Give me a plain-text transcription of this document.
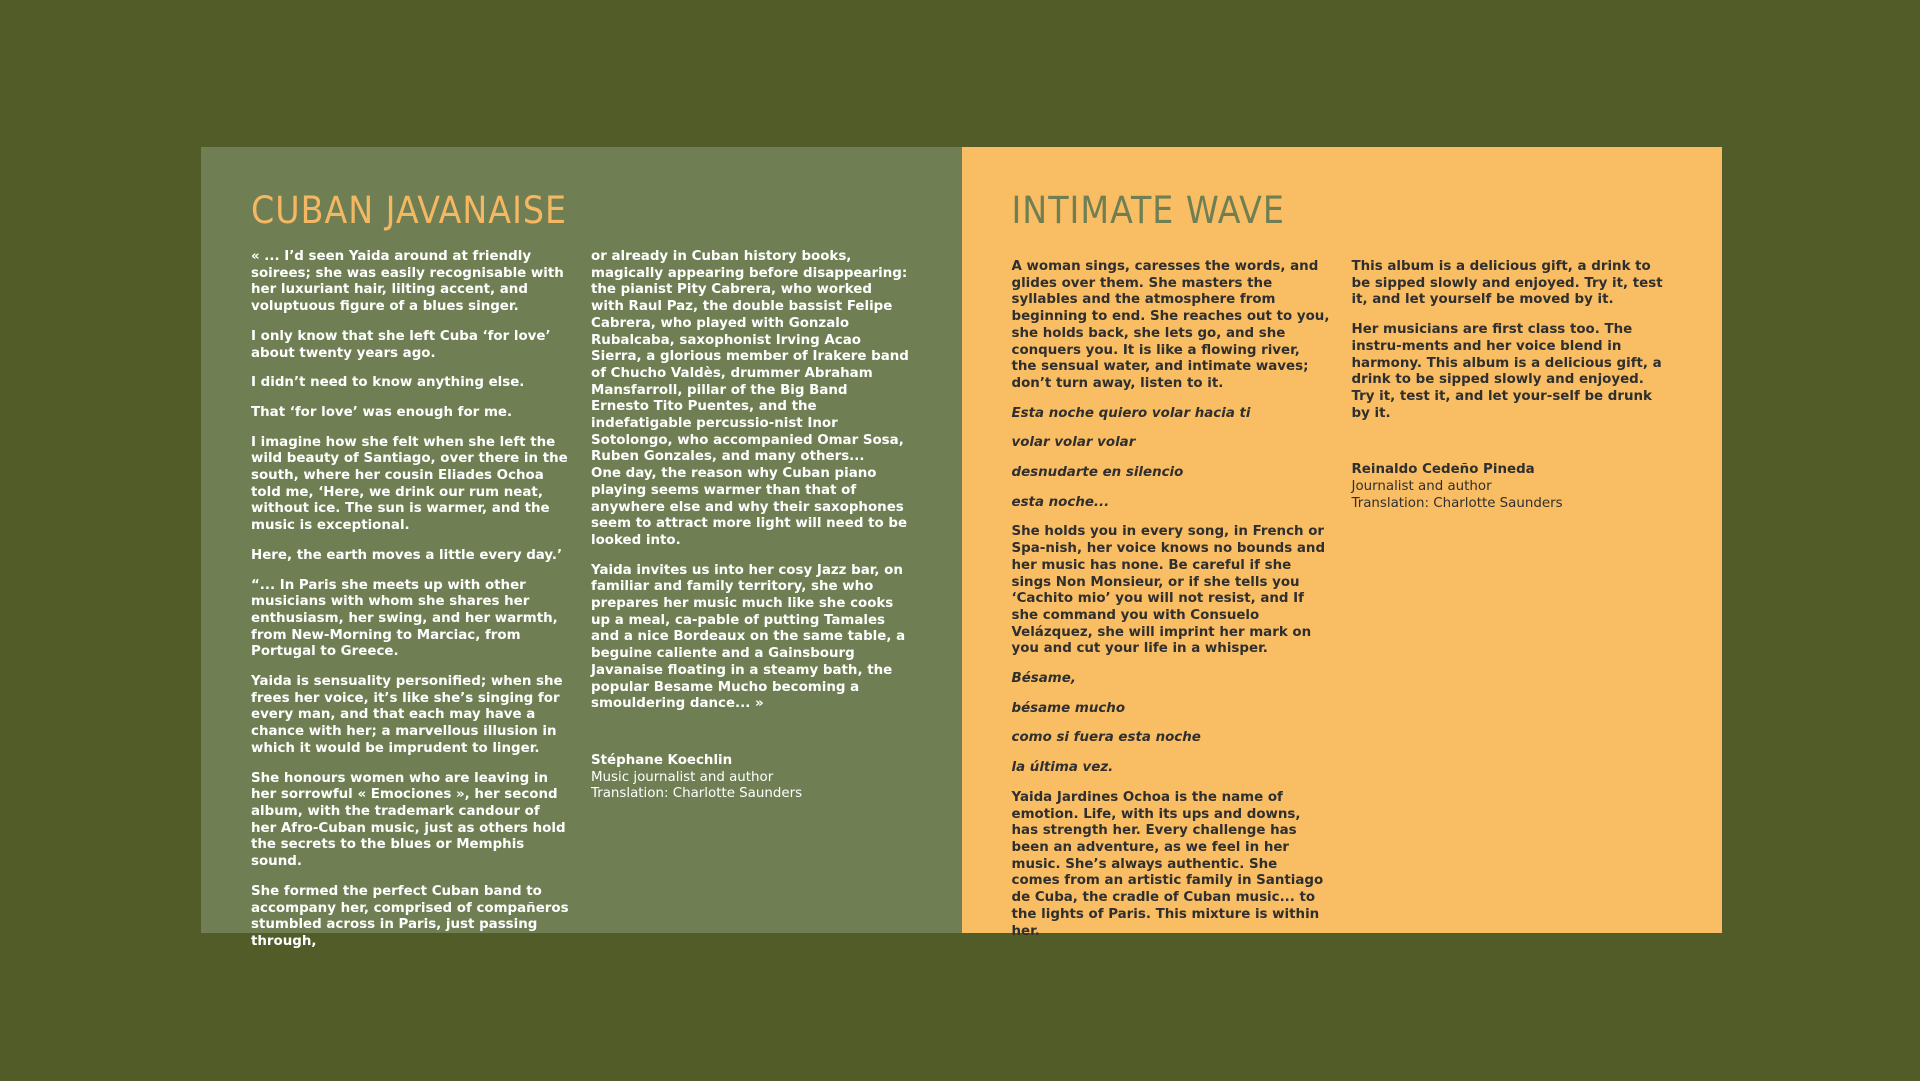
CUBAN JAVANAISE

« ... I’d seen Yaida around at friendly soirees; she was easily recognisable with her luxuriant hair, lilting accent, and voluptuous figure of a blues singer.

I only know that she left Cuba ‘for love’ about twenty years ago.

I didn’t need to know anything else.

That ‘for love’ was enough for me.

I imagine how she felt when she left the wild beauty of Santiago, over there in the south, where her cousin Eliades Ochoa told me, ‘Here, we drink our rum neat, without ice. The sun is warmer, and the music is exceptional.

Here, the earth moves a little every day.’

“... In Paris she meets up with other musicians with whom she shares her enthusiasm, her swing, and her warmth, from New-Morning to Marciac, from Portugal to Greece.

Yaida is sensuality personified; when she frees her voice, it’s like she’s singing for every man, and that each may have a chance with her; a marvellous illusion in which it would be imprudent to linger.

She honours women who are leaving in her sorrowful « Emociones », her second album, with the trademark candour of her Afro-Cuban music, just as others hold the secrets to the blues or Memphis sound.

She formed the perfect Cuban band to accompany her, comprised of compañeros stumbled across in Paris, just passing through,

or already in Cuban history books, magically appearing before disappearing: the pianist Pity Cabrera, who worked with Raul Paz, the double bassist Felipe Cabrera, who played with Gonzalo Rubalcaba, saxophonist Irving Acao Sierra, a glorious member of Irakere band of Chucho Valdès, drummer Abraham Mansfarroll, pillar of the Big Band Ernesto Tito Puentes, and the indefatigable percussio-nist Inor Sotolongo, who accompanied Omar Sosa, Ruben Gonzales, and many others...

One day, the reason why Cuban piano playing seems warmer than that of anywhere else and why their saxophones seem to attract more light will need to be looked into.

Yaida invites us into her cosy Jazz bar, on familiar and family territory, she who prepares her music much like she cooks up a meal, ca-pable of putting Tamales and a nice Bordeaux on the same table, a beguine caliente and a Gainsbourg Javanaise floating in a steamy bath, the popular Besame Mucho becoming a smouldering dance... »

Stéphane Koechlin
Music journalist and author
Translation: Charlotte Saunders
INTIMATE WAVE

A woman sings, caresses the words, and glides over them. She masters the syllables and the atmosphere from beginning to end. She reaches out to you, she holds back, she lets go, and she conquers you. It is like a flowing river, the sensual water, and intimate waves; don’t turn away, listen to it.

Esta noche quiero volar hacia ti

volar volar volar

desnudarte en silencio

esta noche...

She holds you in every song, in French or Spa-nish, her voice knows no bounds and her music has none. Be careful if she sings Non Monsieur, or if she tells you ‘Cachito mio’ you will not resist, and If she command you with Consuelo Velázquez, she will imprint her mark on you and cut your life in a whisper.

Bésame,

bésame mucho

como si fuera esta noche

la última vez.

Yaida Jardines Ochoa is the name of emotion. Life, with its ups and downs, has strength her. Every challenge has been an adventure, as we feel in her music. She’s always authentic. She comes from an artistic family in Santiago de Cuba, the cradle of Cuban music... to the lights of Paris. This mixture is within her.

This album is a delicious gift, a drink to be sipped slowly and enjoyed. Try it, test it, and let yourself be moved by it.

Her musicians are first class too. The instru-ments and her voice blend in harmony. This album is a delicious gift, a drink to be sipped slowly and enjoyed. Try it, test it, and let your-self be drunk by it.

Reinaldo Cedeño Pineda
Journalist and author
Translation: Charlotte Saunders
